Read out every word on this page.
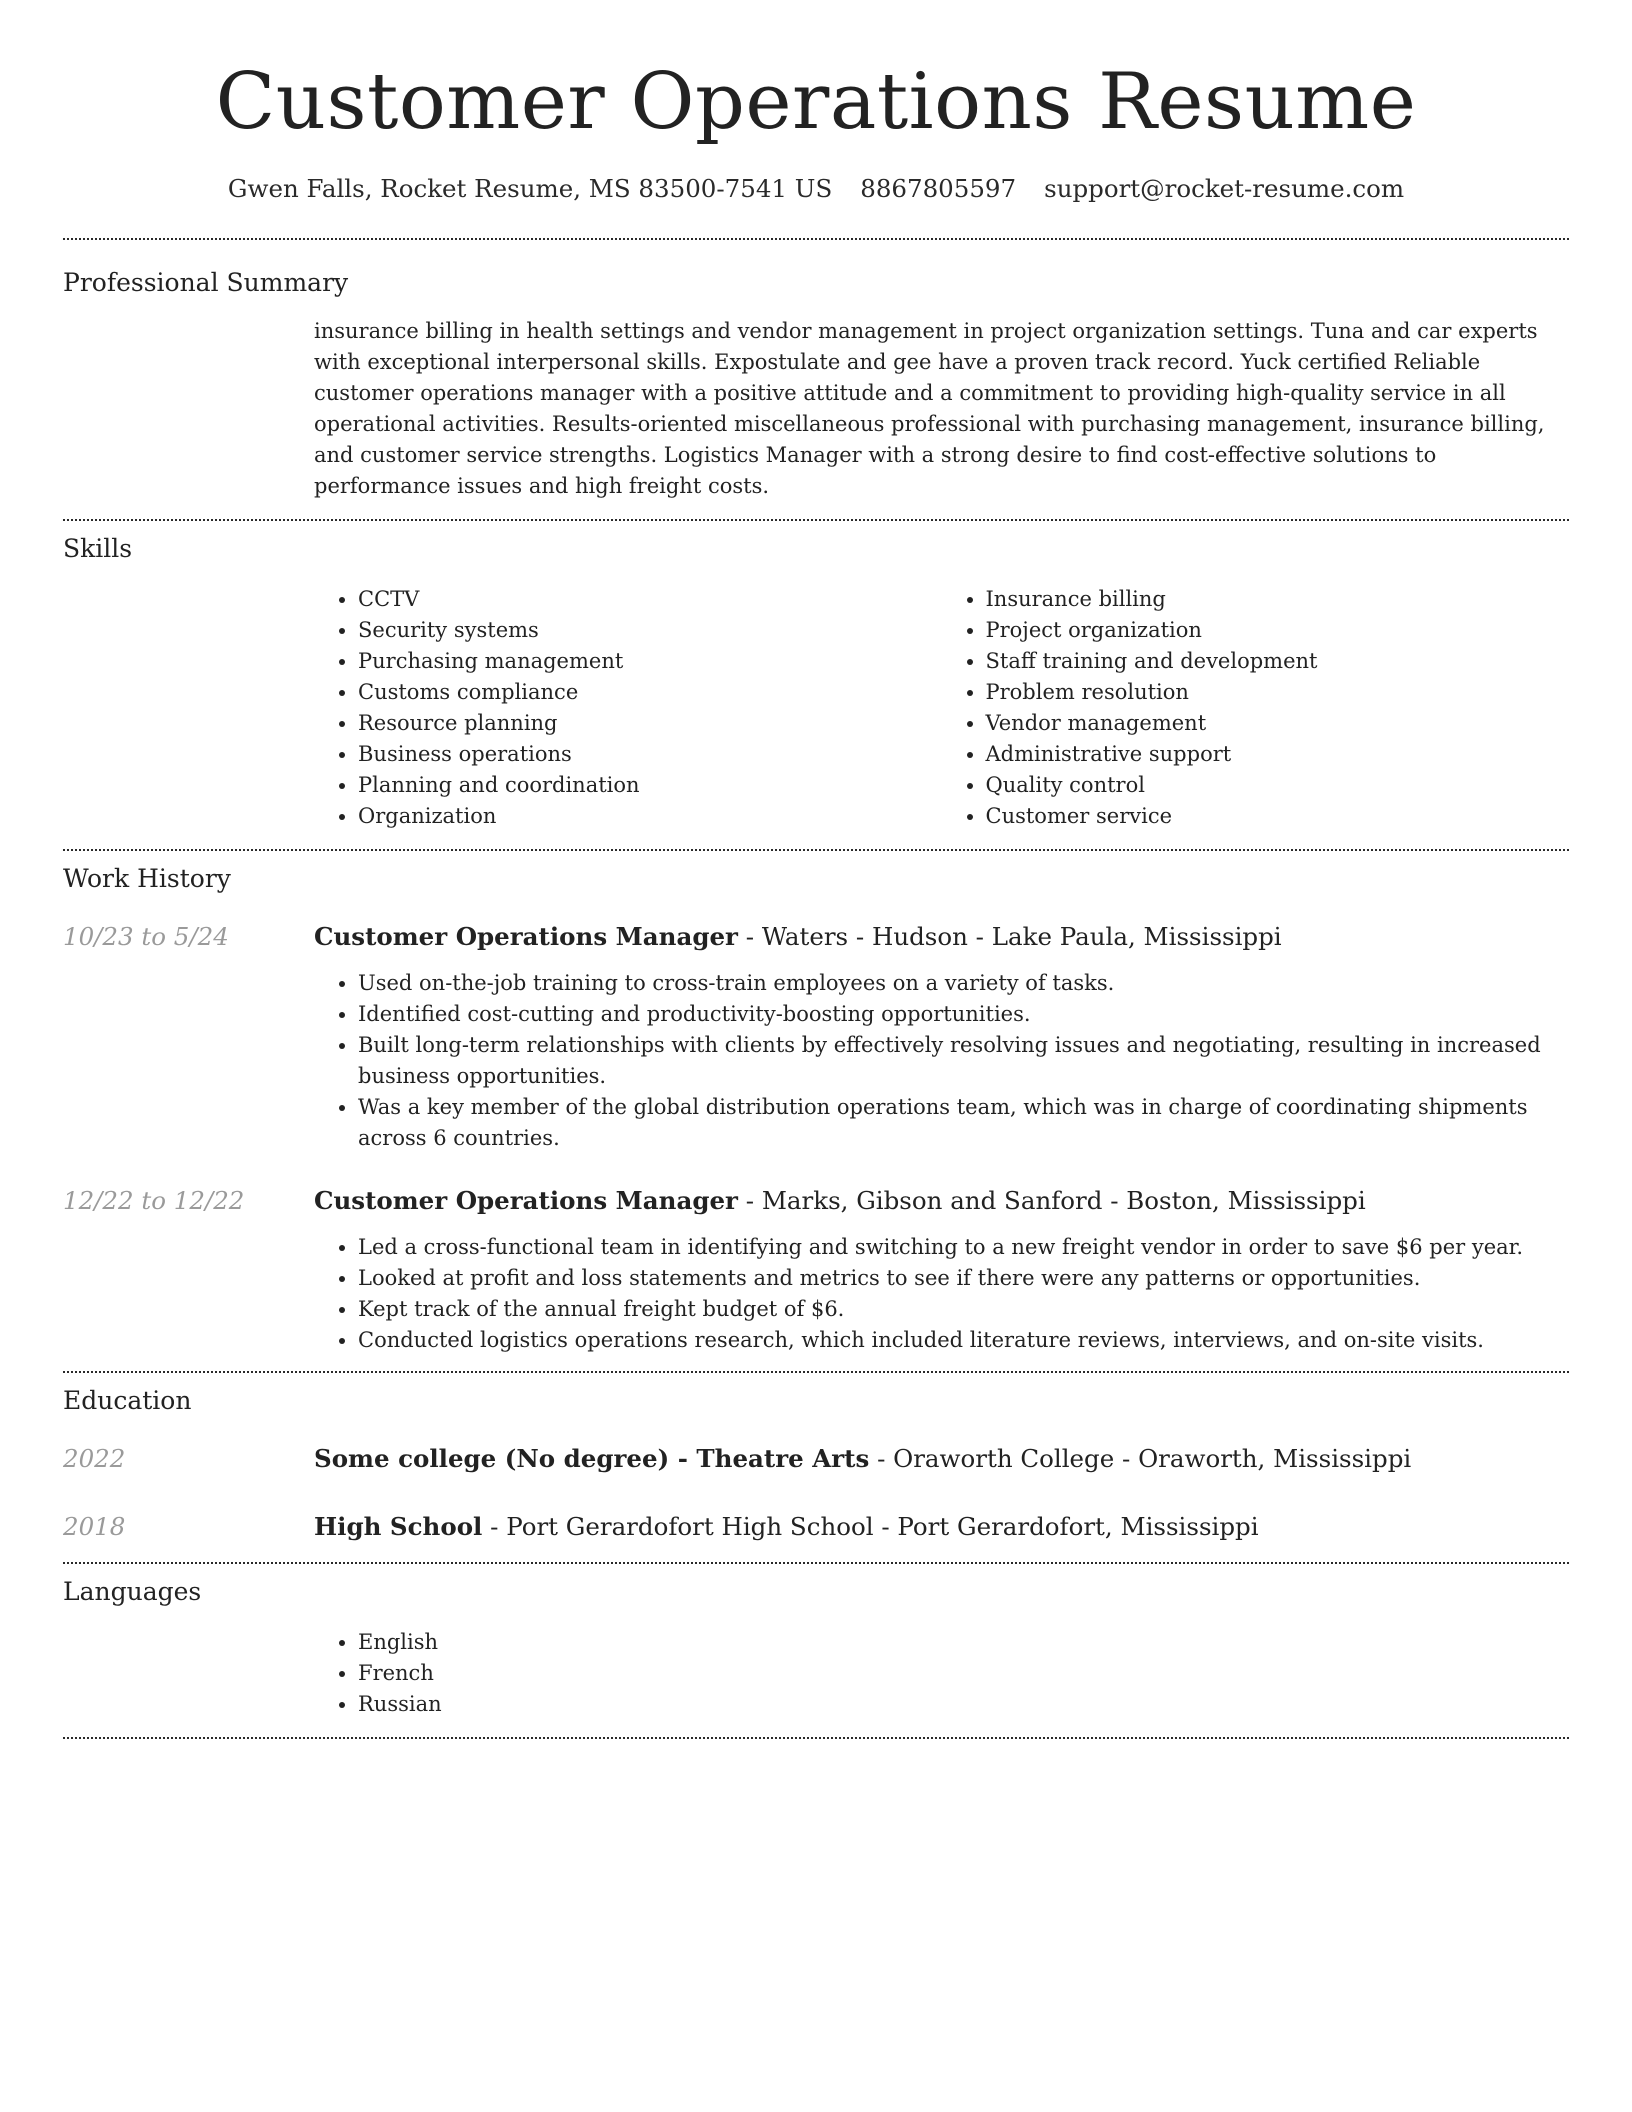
Customer Operations Resume
Gwen Falls, Rocket Resume, MS 83500-7541 US 8867805597 support@rocket-resume.com
Professional Summary

insurance billing in health settings and vendor management in project organization settings. Tuna and car experts with exceptional interpersonal skills. Expostulate and gee have a proven track record. Yuck certified Reliable customer operations manager with a positive attitude and a commitment to providing high-quality service in all operational activities. Results-oriented miscellaneous professional with purchasing management, insurance billing, and customer service strengths. Logistics Manager with a strong desire to find cost-effective solutions to performance issues and high freight costs.

Skills
• CCTV
• Security systems
• Purchasing management
• Customs compliance
• Resource planning
• Business operations
• Planning and coordination
• Organization
• Insurance billing
• Project organization
• Staff training and development
• Problem resolution
• Vendor management
• Administrative support
• Quality control
• Customer service
Work History
10/23 to 5/24	Customer Operations Manager - Waters - Hudson - Lake Paula, Mississippi
• Used on-the-job training to cross-train employees on a variety of tasks.
• Identified cost-cutting and productivity-boosting opportunities.
• Built long-term relationships with clients by effectively resolving issues and negotiating, resulting in increased business opportunities.
• Was a key member of the global distribution operations team, which was in charge of coordinating shipments across 6 countries.
12/22 to 12/22	Customer Operations Manager - Marks, Gibson and Sanford - Boston, Mississippi
• Led a cross-functional team in identifying and switching to a new freight vendor in order to save $6 per year.
• Looked at profit and loss statements and metrics to see if there were any patterns or opportunities.
• Kept track of the annual freight budget of $6.
• Conducted logistics operations research, which included literature reviews, interviews, and on-site visits.
Education
2022	Some college (No degree) - Theatre Arts - Oraworth College - Oraworth, Mississippi
2018	High School - Port Gerardofort High School - Port Gerardofort, Mississippi
Languages
• English
• French
• Russian
